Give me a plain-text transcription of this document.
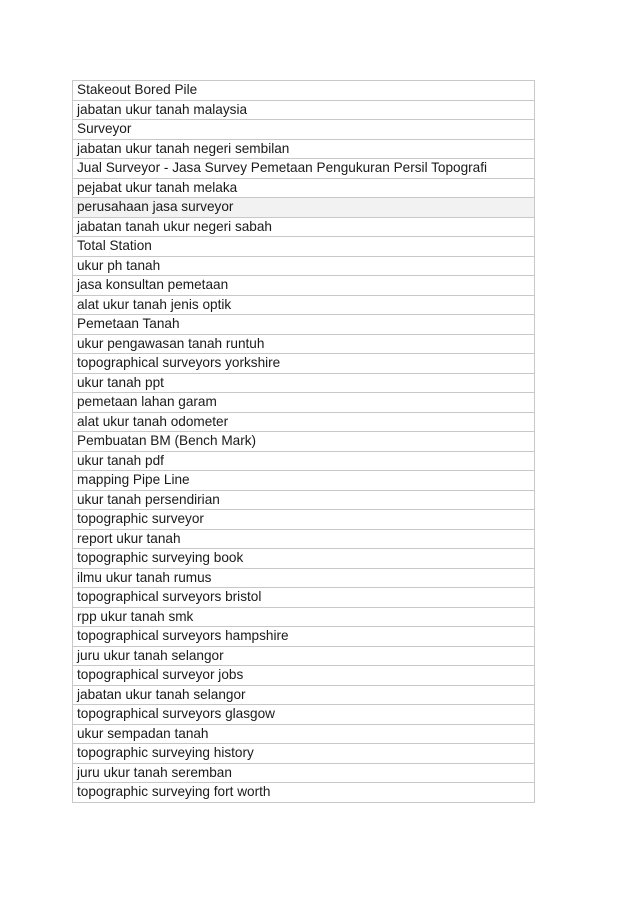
Stakeout Bored Pile
jabatan ukur tanah malaysia
Surveyor
jabatan ukur tanah negeri sembilan
Jual Surveyor - Jasa Survey Pemetaan Pengukuran Persil Topografi
pejabat ukur tanah melaka
perusahaan jasa surveyor
jabatan tanah ukur negeri sabah
Total Station
ukur ph tanah
jasa konsultan pemetaan
alat ukur tanah jenis optik
Pemetaan Tanah
ukur pengawasan tanah runtuh
topographical surveyors yorkshire
ukur tanah ppt
pemetaan lahan garam
alat ukur tanah odometer
Pembuatan BM (Bench Mark)
ukur tanah pdf
mapping Pipe Line
ukur tanah persendirian
topographic surveyor
report ukur tanah
topographic surveying book
ilmu ukur tanah rumus
topographical surveyors bristol
rpp ukur tanah smk
topographical surveyors hampshire
juru ukur tanah selangor
topographical surveyor jobs
jabatan ukur tanah selangor
topographical surveyors glasgow
ukur sempadan tanah
topographic surveying history
juru ukur tanah seremban
topographic surveying fort worth
